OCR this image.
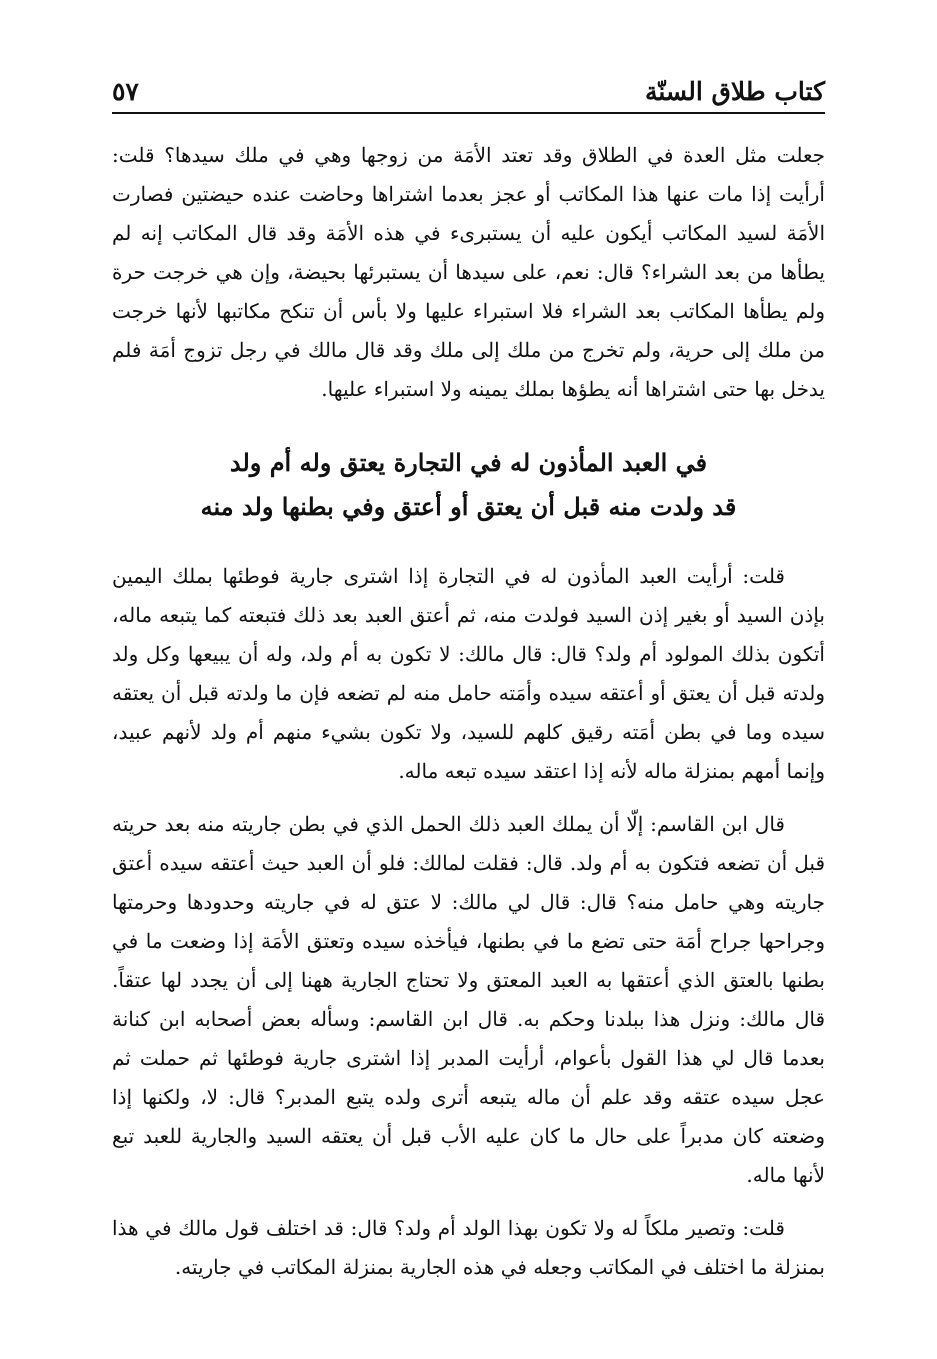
كتاب طلاق السنّة
٥٧

جعلت مثل العدة في الطلاق وقد تعتد الأمَة من زوجها وهي في ملك سيدها؟ قلت: أرأيت إذا مات عنها هذا المكاتب أو عجز بعدما اشتراها وحاضت عنده حيضتين فصارت الأمَة لسيد المكاتب أيكون عليه أن يستبرىء في هذه الأمَة وقد قال المكاتب إنه لم يطأها من بعد الشراء؟ قال: نعم، على سيدها أن يستبرئها بحيضة، وإن هي خرجت حرة ولم يطأها المكاتب بعد الشراء فلا استبراء عليها ولا بأس أن تنكح مكاتبها لأنها خرجت من ملك إلى حرية، ولم تخرج من ملك إلى ملك وقد قال مالك في رجل تزوج أمَة فلم يدخل بها حتى اشتراها أنه يطؤها بملك يمينه ولا استبراء عليها.

في العبد المأذون له في التجارة يعتق وله أم ولد
قد ولدت منه قبل أن يعتق أو أعتق وفي بطنها ولد منه

قلت: أرأيت العبد المأذون له في التجارة إذا اشترى جارية فوطئها بملك اليمين بإذن السيد أو بغير إذن السيد فولدت منه، ثم أعتق العبد بعد ذلك فتبعته كما يتبعه ماله، أتكون بذلك المولود أم ولد؟ قال: قال مالك: لا تكون به أم ولد، وله أن يبيعها وكل ولد ولدته قبل أن يعتق أو أعتقه سيده وأمَته حامل منه لم تضعه فإن ما ولدته قبل أن يعتقه سيده وما في بطن أمَته رقيق كلهم للسيد، ولا تكون بشيء منهم أم ولد لأنهم عبيد، وإنما أمهم بمنزلة ماله لأنه إذا اعتقد سيده تبعه ماله.

قال ابن القاسم: إلّا أن يملك العبد ذلك الحمل الذي في بطن جاريته منه بعد حريته قبل أن تضعه فتكون به أم ولد. قال: فقلت لمالك: فلو أن العبد حيث أعتقه سيده أعتق جاريته وهي حامل منه؟ قال: قال لي مالك: لا عتق له في جاريته وحدودها وحرمتها وجراحها جراح أمَة حتى تضع ما في بطنها، فيأخذه سيده وتعتق الأمَة إذا وضعت ما في بطنها بالعتق الذي أعتقها به العبد المعتق ولا تحتاج الجارية ههنا إلى أن يجدد لها عتقاً. قال مالك: ونزل هذا ببلدنا وحكم به. قال ابن القاسم: وسأله بعض أصحابه ابن كنانة بعدما قال لي هذا القول بأعوام، أرأيت المدبر إذا اشترى جارية فوطئها ثم حملت ثم عجل سيده عتقه وقد علم أن ماله يتبعه أترى ولده يتبع المدبر؟ قال: لا، ولكنها إذا وضعته كان مدبراً على حال ما كان عليه الأب قبل أن يعتقه السيد والجارية للعبد تبع لأنها ماله.

قلت: وتصير ملكاً له ولا تكون بهذا الولد أم ولد؟ قال: قد اختلف قول مالك في هذا بمنزلة ما اختلف في المكاتب وجعله في هذه الجارية بمنزلة المكاتب في جاريته.
